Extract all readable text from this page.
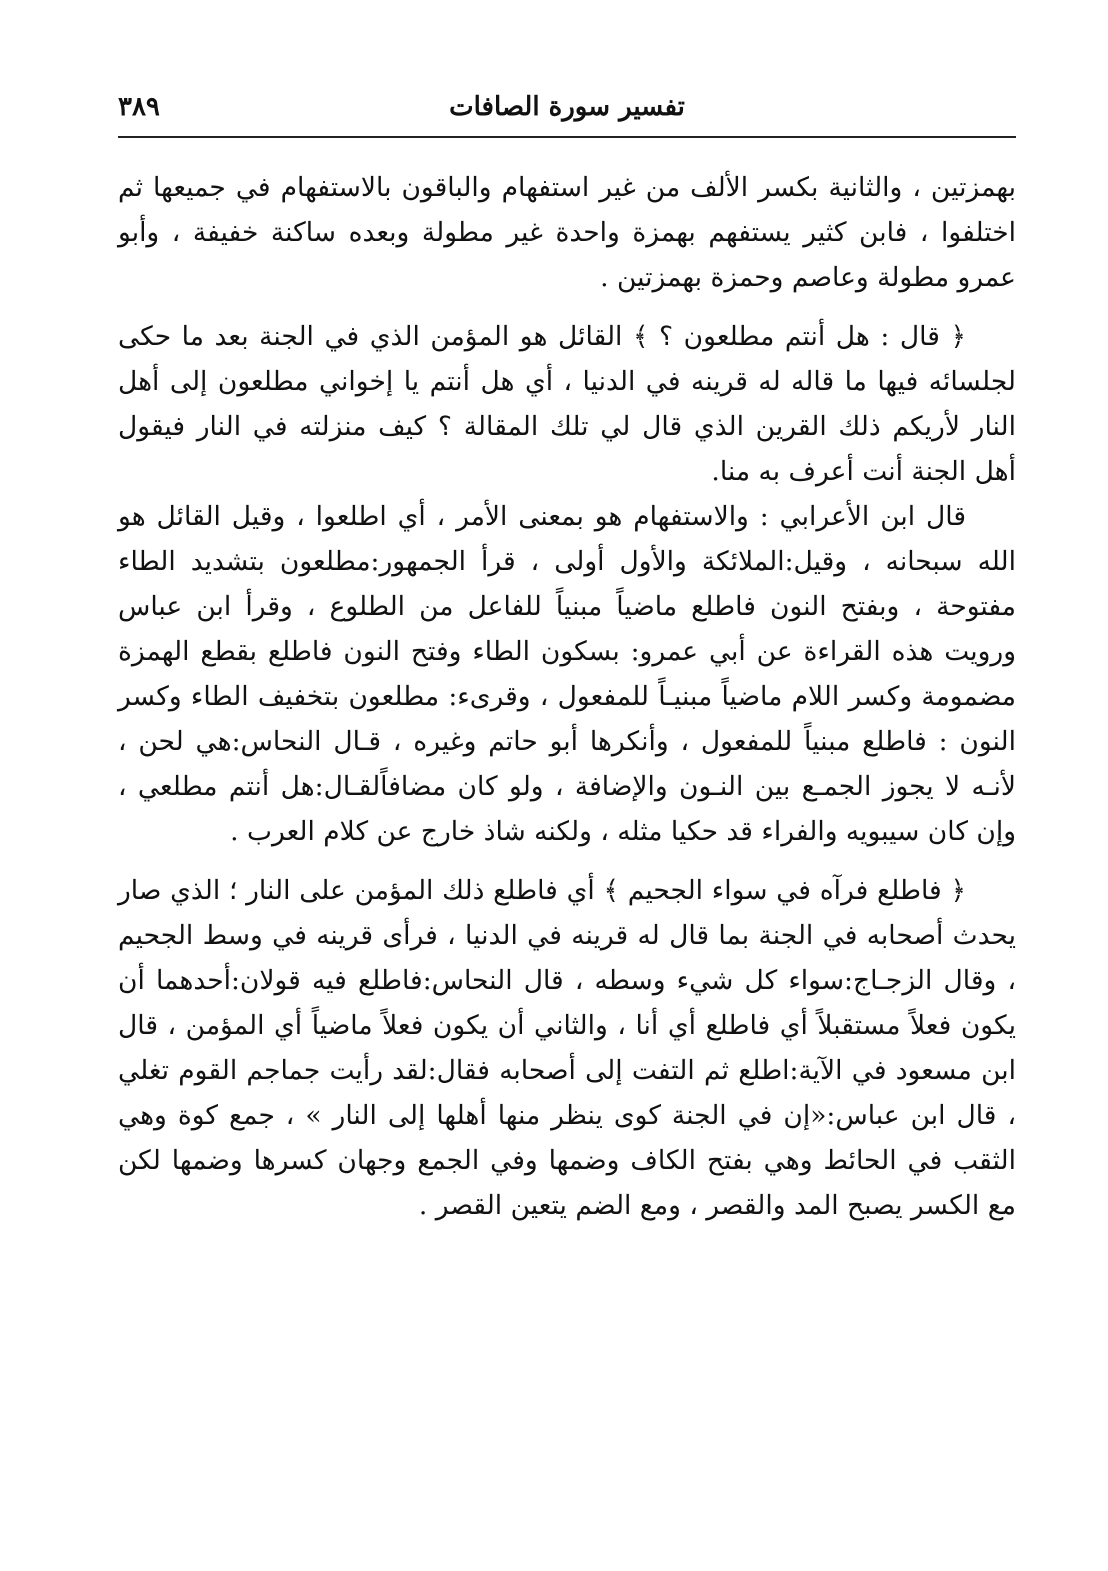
٣٨٩	تفسير سورة الصافات

بهمزتين ، والثانية بكسر الألف من غير استفهام والباقون بالاستفهام في جميعها ثم اختلفوا ، فابن كثير يستفهم بهمزة واحدة غير مطولة وبعده ساكنة خفيفة ، وأبو عمرو مطولة وعاصم وحمزة بهمزتين .

﴿ قال : هل أنتم مطلعون ؟ ﴾ القائل هو المؤمن الذي في الجنة بعد ما حكى لجلسائه فيها ما قاله له قرينه في الدنيا ، أي هل أنتم يا إخواني مطلعون إلى أهل النار لأريكم ذلك القرين الذي قال لي تلك المقالة ؟ كيف منزلته في النار فيقول أهل الجنة أنت أعرف به منا.

قال ابن الأعرابي : والاستفهام هو بمعنى الأمر ، أي اطلعوا ، وقيل القائل هو الله سبحانه ، وقيل:الملائكة والأول أولى ، قرأ الجمهور:مطلعون بتشديد الطاء مفتوحة ، وبفتح النون فاطلع ماضياً مبنياً للفاعل من الطلوع ، وقرأ ابن عباس ورويت هذه القراءة عن أبي عمرو: بسكون الطاء وفتح النون فاطلع بقطع الهمزة مضمومة وكسر اللام ماضياً مبنيـاً للمفعول ، وقرىء: مطلعون بتخفيف الطاء وكسر النون : فاطلع مبنياً للمفعول ، وأنكرها أبو حاتم وغيره ، قـال النحاس:هي لحن ، لأنـه لا يجوز الجمـع بين النـون والإضافة ، ولو كان مضافاًلقـال:هل أنتم مطلعي ، وإن كان سيبويه والفراء قد حكيا مثله ، ولكنه شاذ خارج عن كلام العرب .

﴿ فاطلع فرآه في سواء الجحيم ﴾ أي فاطلع ذلك المؤمن على النار ؛ الذي صار يحدث أصحابه في الجنة بما قال له قرينه في الدنيا ، فرأى قرينه في وسط الجحيم ، وقال الزجـاج:سواء كل شيء وسطه ، قال النحاس:فاطلع فيه قولان:أحدهما أن يكون فعلاً مستقبلاً أي فاطلع أي أنا ، والثاني أن يكون فعلاً ماضياً أي المؤمن ، قال ابن مسعود في الآية:اطلع ثم التفت إلى أصحابه فقال:لقد رأيت جماجم القوم تغلي ، قال ابن عباس:«إن في الجنة كوى ينظر منها أهلها إلى النار » ، جمع كوة وهي الثقب في الحائط وهي بفتح الكاف وضمها وفي الجمع وجهان كسرها وضمها لكن مع الكسر يصبح المد والقصر ، ومع الضم يتعين القصر .
